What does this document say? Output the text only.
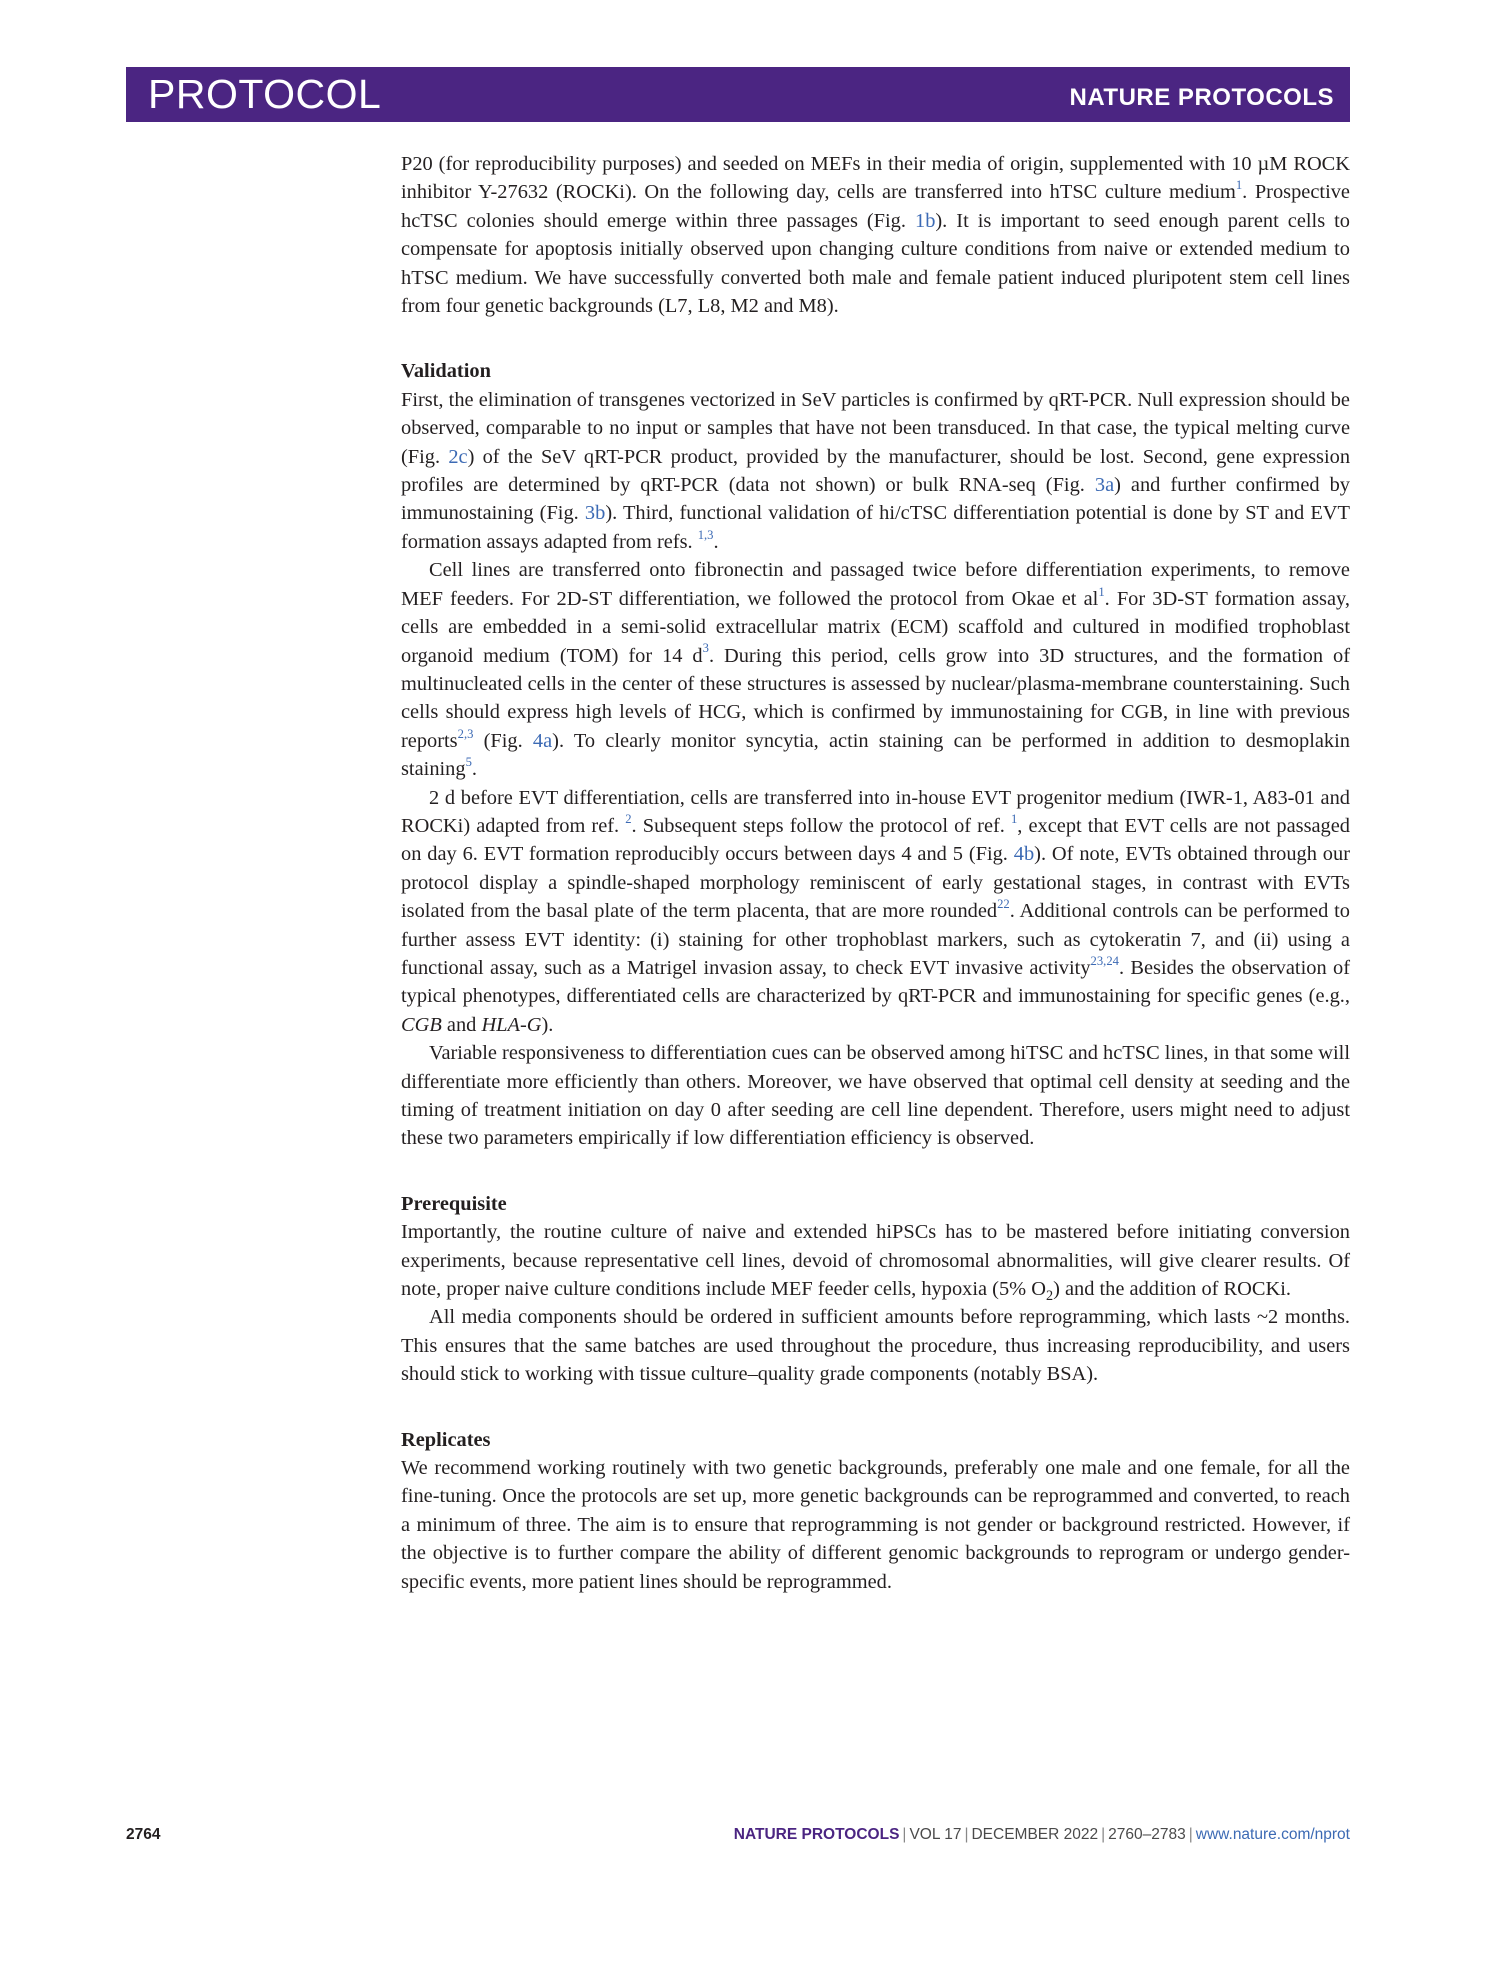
PROTOCOL	NATURE PROTOCOLS

P20 (for reproducibility purposes) and seeded on MEFs in their media of origin, supplemented with 10 µM ROCK inhibitor Y-27632 (ROCKi). On the following day, cells are transferred into hTSC culture medium$^1$. Prospective hcTSC colonies should emerge within three passages (Fig. 1b). It is important to seed enough parent cells to compensate for apoptosis initially observed upon changing culture conditions from naive or extended medium to hTSC medium. We have successfully converted both male and female patient induced pluripotent stem cell lines from four genetic backgrounds (L7, L8, M2 and M8).

Validation

First, the elimination of transgenes vectorized in SeV particles is confirmed by qRT-PCR. Null expression should be observed, comparable to no input or samples that have not been transduced. In that case, the typical melting curve (Fig. 2c) of the SeV qRT-PCR product, provided by the manufacturer, should be lost. Second, gene expression profiles are determined by qRT-PCR (data not shown) or bulk RNA-seq (Fig. 3a) and further confirmed by immunostaining (Fig. 3b). Third, functional validation of hi/cTSC differentiation potential is done by ST and EVT formation assays adapted from refs. $^{1,3}$.

Cell lines are transferred onto fibronectin and passaged twice before differentiation experiments, to remove MEF feeders. For 2D-ST differentiation, we followed the protocol from Okae et al$^1$. For 3D-ST formation assay, cells are embedded in a semi-solid extracellular matrix (ECM) scaffold and cultured in modified trophoblast organoid medium (TOM) for 14 d$^3$. During this period, cells grow into 3D structures, and the formation of multinucleated cells in the center of these structures is assessed by nuclear/plasma-membrane counterstaining. Such cells should express high levels of HCG, which is confirmed by immunostaining for CGB, in line with previous reports$^{2,3}$ (Fig. 4a). To clearly monitor syncytia, actin staining can be performed in addition to desmoplakin staining$^5$.

2 d before EVT differentiation, cells are transferred into in-house EVT progenitor medium (IWR-1, A83-01 and ROCKi) adapted from ref. $^2$. Subsequent steps follow the protocol of ref. $^1$, except that EVT cells are not passaged on day 6. EVT formation reproducibly occurs between days 4 and 5 (Fig. 4b). Of note, EVTs obtained through our protocol display a spindle-shaped morphology reminiscent of early gestational stages, in contrast with EVTs isolated from the basal plate of the term placenta, that are more rounded$^{22}$. Additional controls can be performed to further assess EVT identity: (i) staining for other trophoblast markers, such as cytokeratin 7, and (ii) using a functional assay, such as a Matrigel invasion assay, to check EVT invasive activity$^{23,24}$. Besides the observation of typical phenotypes, differentiated cells are characterized by qRT-PCR and immunostaining for specific genes (e.g., CGB and HLA-G).

Variable responsiveness to differentiation cues can be observed among hiTSC and hcTSC lines, in that some will differentiate more efficiently than others. Moreover, we have observed that optimal cell density at seeding and the timing of treatment initiation on day 0 after seeding are cell line dependent. Therefore, users might need to adjust these two parameters empirically if low differentiation efficiency is observed.

Prerequisite

Importantly, the routine culture of naive and extended hiPSCs has to be mastered before initiating conversion experiments, because representative cell lines, devoid of chromosomal abnormalities, will give clearer results. Of note, proper naive culture conditions include MEF feeder cells, hypoxia (5% $O_2$) and the addition of ROCKi.

All media components should be ordered in sufficient amounts before reprogramming, which lasts ~2 months. This ensures that the same batches are used throughout the procedure, thus increasing reproducibility, and users should stick to working with tissue culture–quality grade components (notably BSA).

Replicates

We recommend working routinely with two genetic backgrounds, preferably one male and one female, for all the fine-tuning. Once the protocols are set up, more genetic backgrounds can be reprogrammed and converted, to reach a minimum of three. The aim is to ensure that reprogramming is not gender or background restricted. However, if the objective is to further compare the ability of different genomic backgrounds to reprogram or undergo gender-specific events, more patient lines should be reprogrammed.

2764	NATURE PROTOCOLS | VOL 17 | DECEMBER 2022 | 2760–2783 | www.nature.com/nprot
